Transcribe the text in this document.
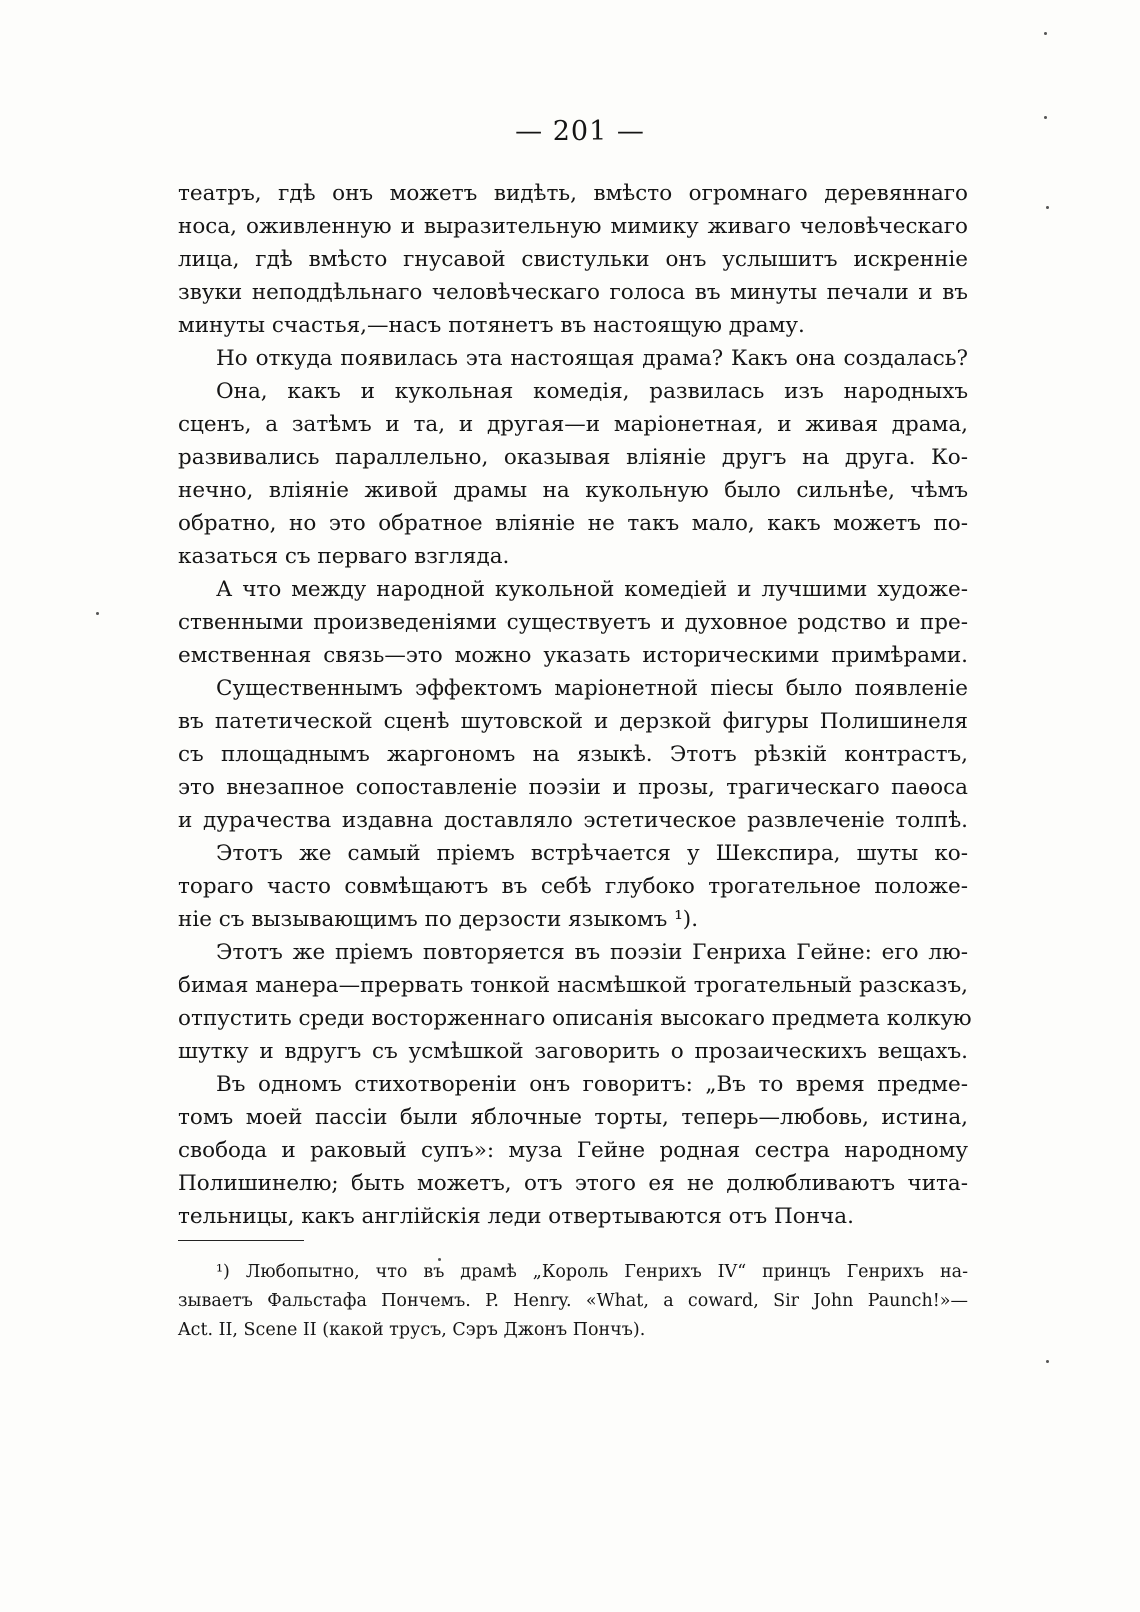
— 201 —

театръ, гдѣ онъ можетъ видѣть, вмѣсто огромнаго деревяннаго
носа, оживленную и выразительную мимику живаго человѣческаго
лица, гдѣ вмѣсто гнусавой свистульки онъ услышитъ искренніе
звуки неподдѣльнаго человѣческаго голоса въ минуты печали и въ
минуты счастья,—насъ потянетъ въ настоящую драму.

Но откуда появилась эта настоящая драма? Какъ она создалась?

Она, какъ и кукольная комедія, развилась изъ народныхъ
сценъ, а затѣмъ и та, и другая—и маріонетная, и живая драма,
развивались параллельно, оказывая вліяніе другъ на друга. Ко-
нечно, вліяніе живой драмы на кукольную было сильнѣе, чѣмъ
обратно, но это обратное вліяніе не такъ мало, какъ можетъ по-
казаться съ перваго взгляда.

А что между народной кукольной комедіей и лучшими художе-
ственными произведеніями существуетъ и духовное родство и пре-
емственная связь—это можно указать историческими примѣрами.

Существеннымъ эффектомъ маріонетной піесы было появленіе
въ патетической сценѣ шутовской и дерзкой фигуры Полишинеля
съ площаднымъ жаргономъ на языкѣ. Этотъ рѣзкій контрастъ,
это внезапное сопоставленіе поэзіи и прозы, трагическаго паѳоса
и дурачества издавна доставляло эстетическое развлеченіе толпѣ.

Этотъ же самый пріемъ встрѣчается у Шекспира, шуты ко-
тораго часто совмѣщаютъ въ себѣ глубоко трогательное положе-
ніе съ вызывающимъ по дерзости языкомъ ¹).

Этотъ же пріемъ повторяется въ поэзіи Генриха Гейне: его лю-
бимая манера—прервать тонкой насмѣшкой трогательный разсказъ,
отпустить среди восторженнаго описанія высокаго предмета колкую
шутку и вдругъ съ усмѣшкой заговорить о прозаическихъ вещахъ.

Въ одномъ стихотвореніи онъ говоритъ: „Въ то время предме-
томъ моей пассіи были яблочные торты, теперь—любовь, истина,
свобода и раковый супъ»: муза Гейне родная сестра народному
Полишинелю; быть можетъ, отъ этого ея не долюбливаютъ чита-
тельницы, какъ англійскія леди отвертываются отъ Понча.

¹) Любопытно, что въ драмѣ „Король Генрихъ IV“ принцъ Генрихъ на-
зываетъ Фальстафа Пончемъ. P. Henry. «What, a coward, Sir John Paunch!»—
Act. II, Scene II (какой трусъ, Сэръ Джонъ Пончъ).
